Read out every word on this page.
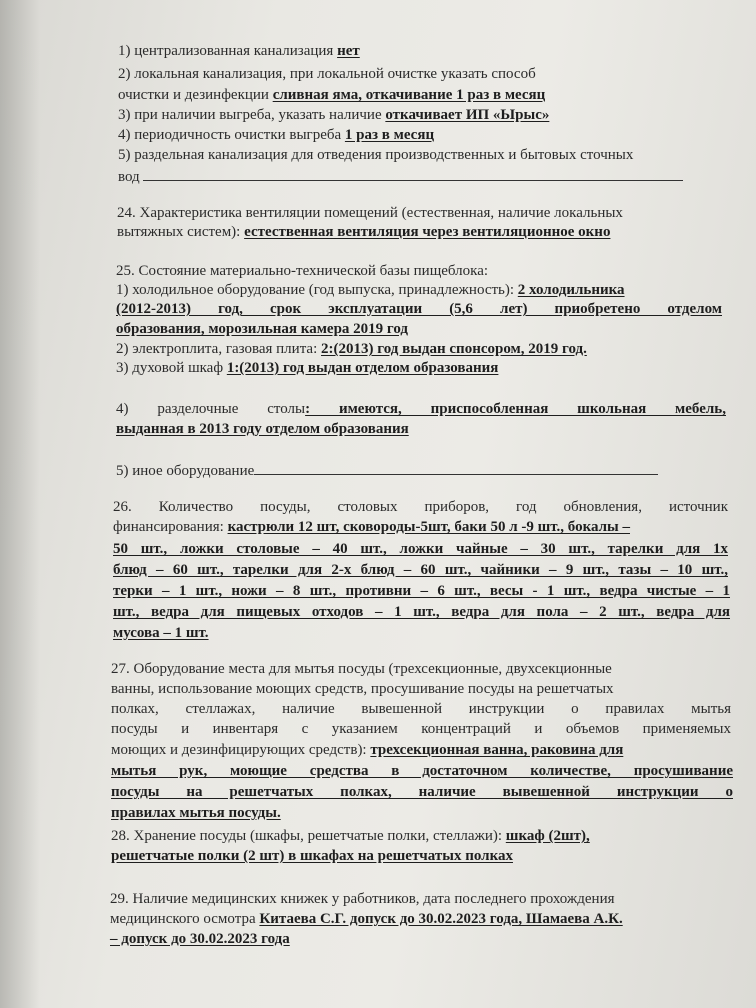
1) централизованная канализация нет
2) локальная канализация, при локальной очистке указать способ
очистки и дезинфекции сливная яма, откачивание 1 раз в месяц
3) при наличии выгреба, указать наличие откачивает ИП «Ырыс»
4) периодичность очистки выгреба 1 раз в месяц
5) раздельная канализация для отведения производственных и бытовых сточных
вод
24. Характеристика вентиляции помещений (естественная, наличие локальных
вытяжных систем): естественная вентиляция через вентиляционное окно
25. Состояние материально-технической базы пищеблока:
1) холодильное оборудование (год выпуска, принадлежность): 2 холодильника
(2012-2013) год, срок эксплуатации (5,6 лет) приобретено отделом
образования, морозильная камера 2019 год
2) электроплита, газовая плита: 2:(2013) год выдан спонсором, 2019 год.
3) духовой шкаф 1:(2013) год выдан отделом образования
4) разделочные столы: имеются, приспособленная школьная мебель,
выданная в 2013 году отделом образования
5) иное оборудование
26. Количество посуды, столовых приборов, год обновления, источник
финансирования: кастрюли 12 шт, сковороды-5шт, баки 50 л -9 шт., бокалы –
50 шт., ложки столовые – 40 шт., ложки чайные – 30 шт., тарелки для 1х
блюд – 60 шт., тарелки для 2-х блюд – 60 шт., чайники – 9 шт., тазы – 10 шт.,
терки – 1 шт., ножи – 8 шт., противни – 6 шт., весы - 1 шт., ведра чистые – 1
шт., ведра для пищевых отходов – 1 шт., ведра для пола – 2 шт., ведра для
мусова – 1 шт.
27. Оборудование места для мытья посуды (трехсекционные, двухсекционные
ванны, использование моющих средств, просушивание посуды на решетчатых
полках, стеллажах, наличие вывешенной инструкции о правилах мытья
посуды и инвентаря с указанием концентраций и объемов применяемых
моющих и дезинфицирующих средств): трехсекционная ванна, раковина для
мытья рук, моющие средства в достаточном количестве, просушивание
посуды на решетчатых полках, наличие вывешенной инструкции о
правилах мытья посуды.
28. Хранение посуды (шкафы, решетчатые полки, стеллажи): шкаф (2шт),
решетчатые полки (2 шт) в шкафах на решетчатых полках
29. Наличие медицинских книжек у работников, дата последнего прохождения
медицинского осмотра Китаева С.Г. допуск до 30.02.2023 года, Шамаева А.К.
– допуск до 30.02.2023 года
